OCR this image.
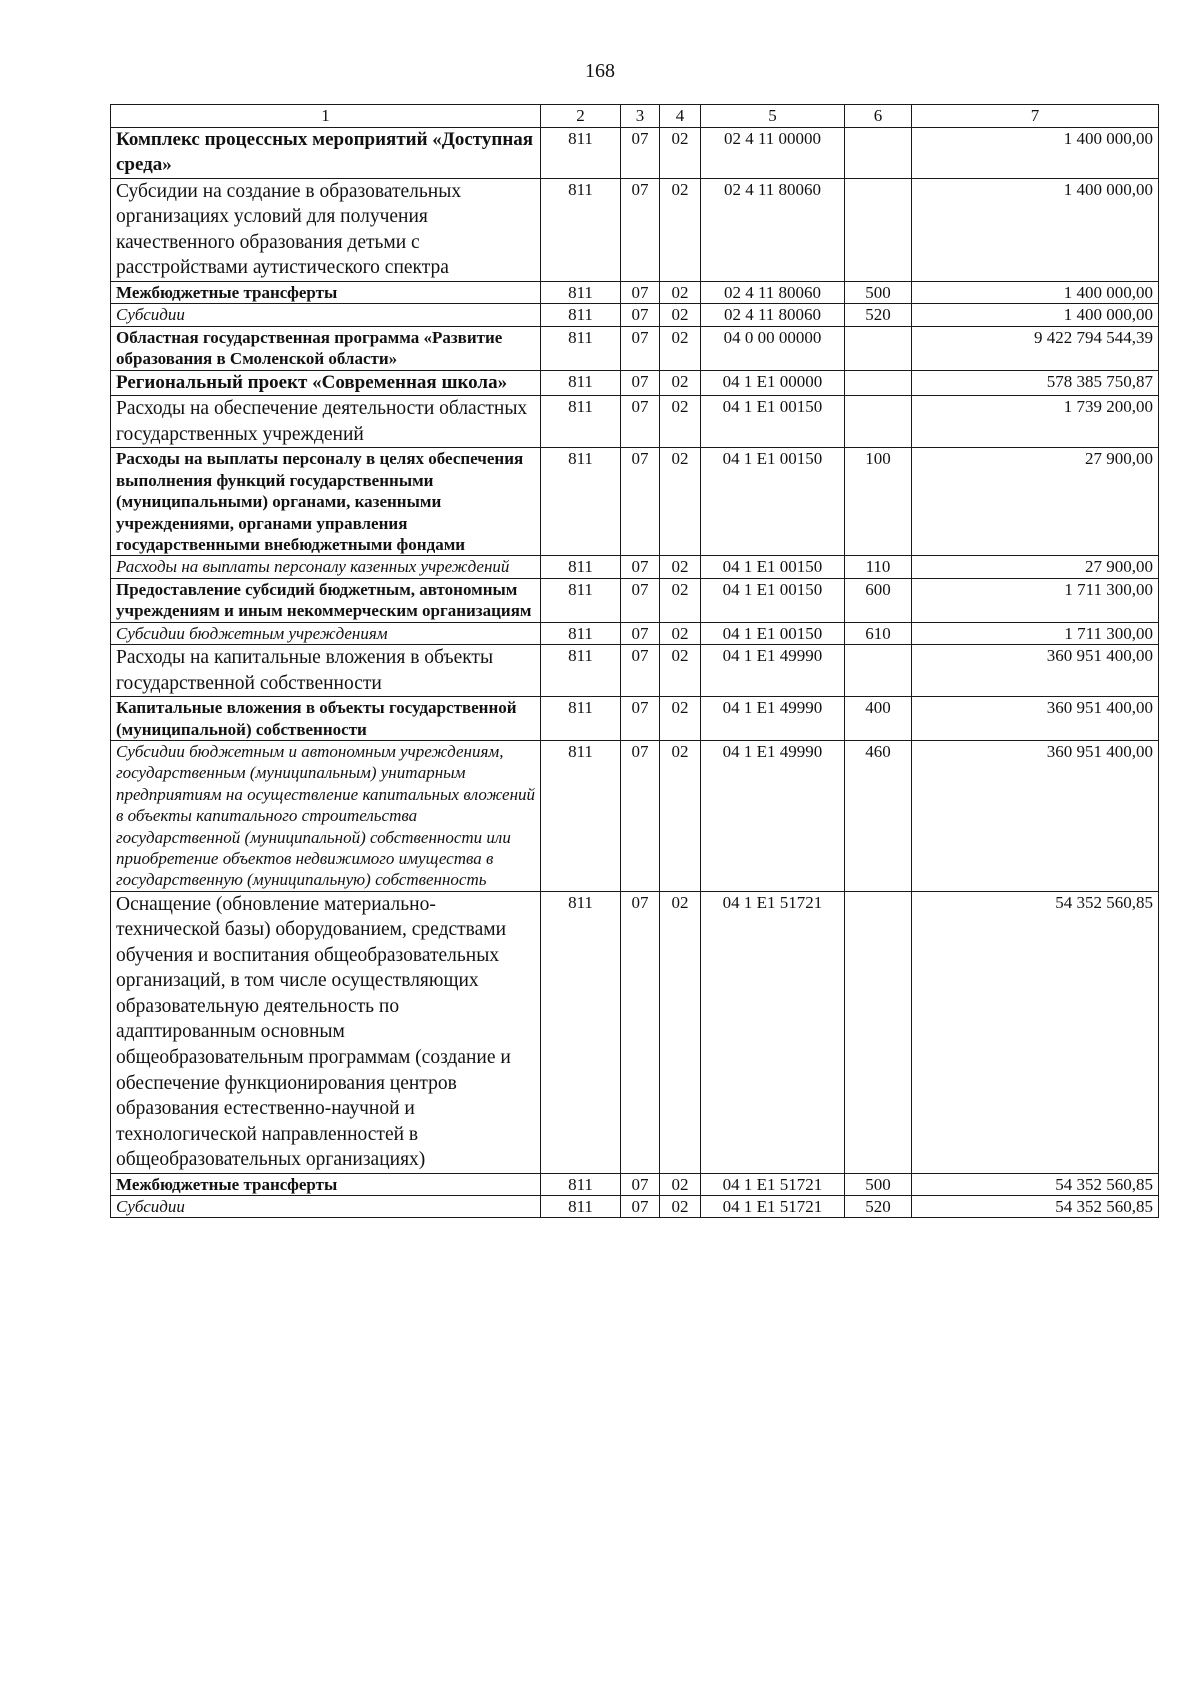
168
1	2	3	4	5	6	7
Комплекс процессных мероприятий «Доступная среда»	811	07	02	02 4 11 00000		1 400 000,00
Субсидии на создание в образовательных организациях условий для получения качественного образования детьми с расстройствами аутистического спектра	811	07	02	02 4 11 80060		1 400 000,00
Межбюджетные трансферты	811	07	02	02 4 11 80060	500	1 400 000,00
Субсидии	811	07	02	02 4 11 80060	520	1 400 000,00
Областная государственная программа «Развитие образования в Смоленской области»	811	07	02	04 0 00 00000		9 422 794 544,39
Региональный проект «Современная школа»	811	07	02	04 1 E1 00000		578 385 750,87
Расходы на обеспечение деятельности областных государственных учреждений	811	07	02	04 1 E1 00150		1 739 200,00
Расходы на выплаты персоналу в целях обеспечения выполнения функций государственными (муниципальными) органами, казенными учреждениями, органами управления государственными внебюджетными фондами	811	07	02	04 1 E1 00150	100	27 900,00
Расходы на выплаты персоналу казенных учреждений	811	07	02	04 1 E1 00150	110	27 900,00
Предоставление субсидий бюджетным, автономным учреждениям и иным некоммерческим организациям	811	07	02	04 1 E1 00150	600	1 711 300,00
Субсидии бюджетным учреждениям	811	07	02	04 1 E1 00150	610	1 711 300,00
Расходы на капитальные вложения в объекты государственной собственности	811	07	02	04 1 E1 49990		360 951 400,00
Капитальные вложения в объекты государственной (муниципальной) собственности	811	07	02	04 1 E1 49990	400	360 951 400,00
Субсидии бюджетным и автономным учреждениям, государственным (муниципальным) унитарным предприятиям на осуществление капитальных вложений в объекты капитального строительства государственной (муниципальной) собственности или приобретение объектов недвижимого имущества в государственную (муниципальную) собственность	811	07	02	04 1 E1 49990	460	360 951 400,00
Оснащение (обновление материально-технической базы) оборудованием, средствами обучения и воспитания общеобразовательных организаций, в том числе осуществляющих образовательную деятельность по адаптированным основным общеобразовательным программам (создание и обеспечение функционирования центров образования естественно-научной и технологической направленностей в общеобразовательных организациях)	811	07	02	04 1 E1 51721		54 352 560,85
Межбюджетные трансферты	811	07	02	04 1 E1 51721	500	54 352 560,85
Субсидии	811	07	02	04 1 E1 51721	520	54 352 560,85
